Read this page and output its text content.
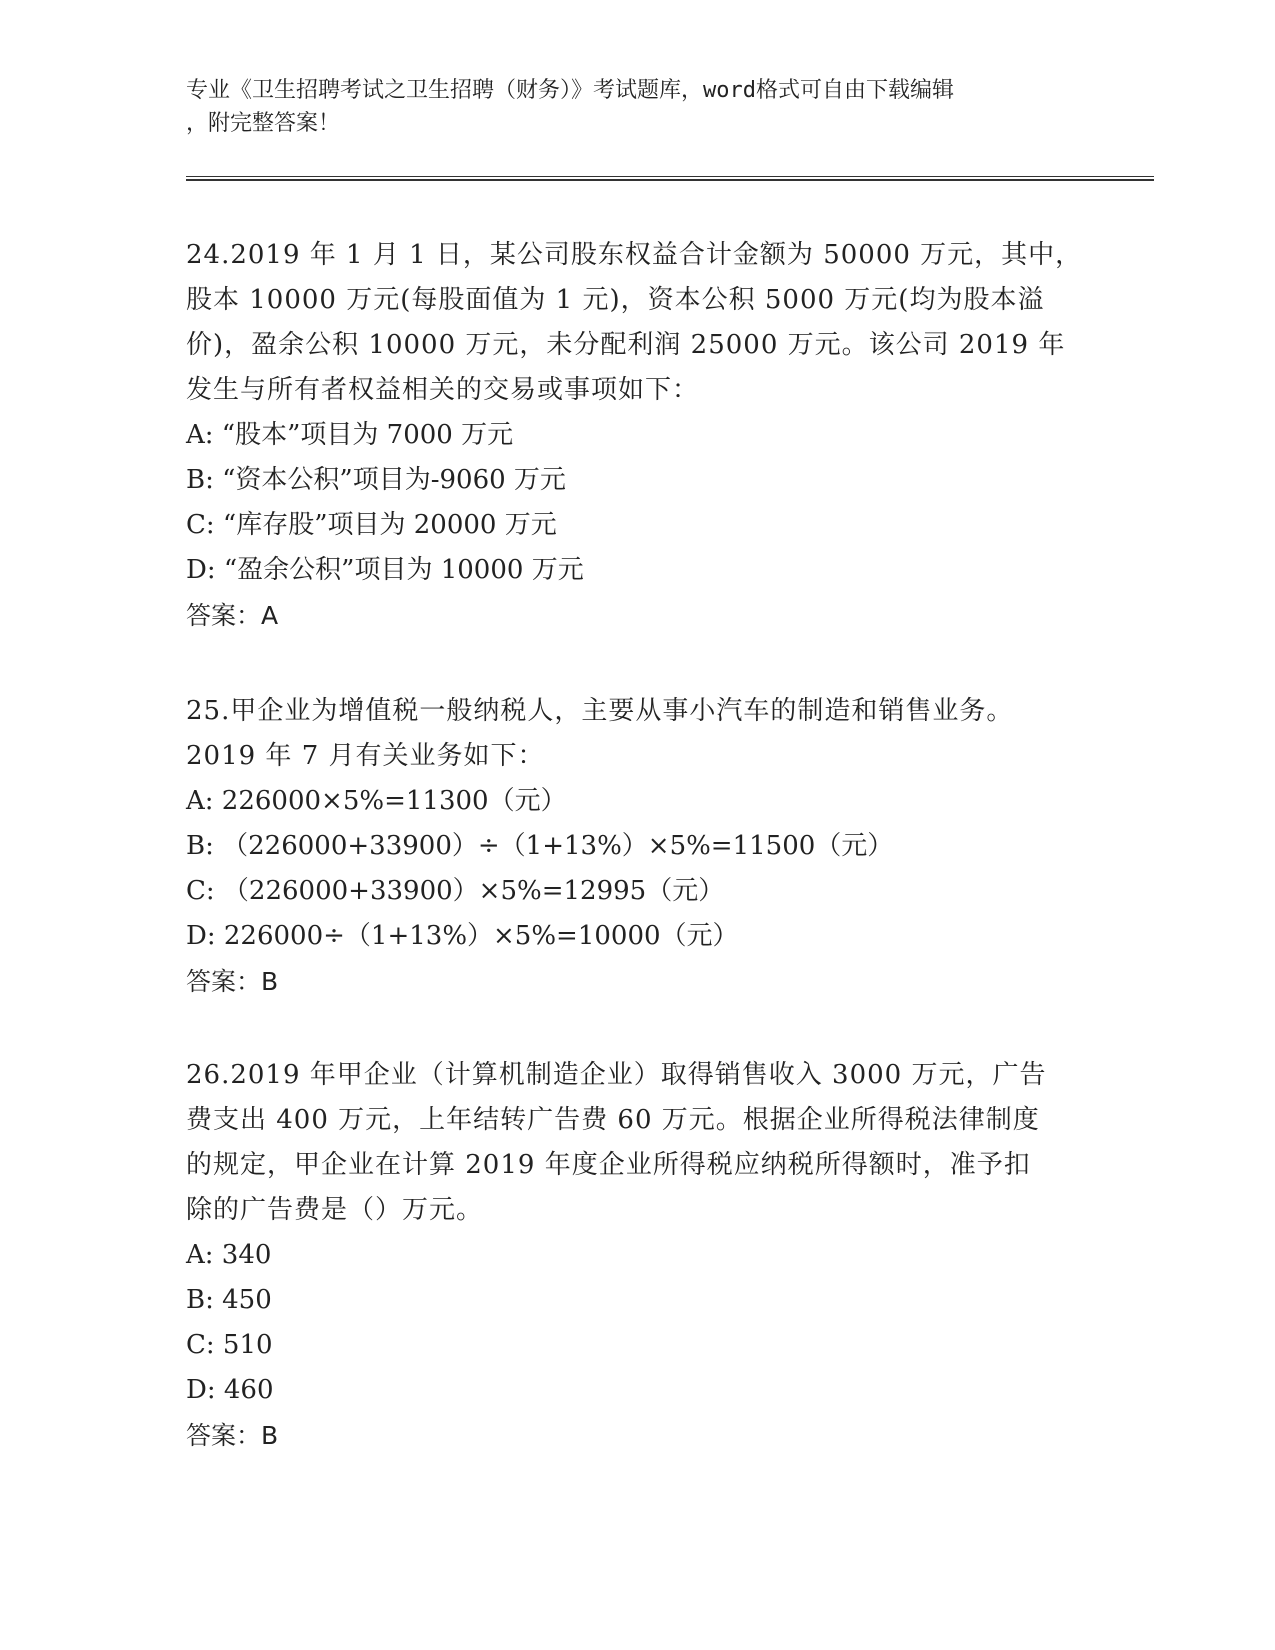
专业《卫生招聘考试之卫生招聘（财务）》考试题库，word格式可自由下载编辑
，附完整答案！
24.2019 年 1 月 1 日，某公司股东权益合计金额为 50000 万元，其中，
股本 10000 万元(每股面值为 1 元)，资本公积 5000 万元(均为股本溢
价)，盈余公积 10000 万元，未分配利润 25000 万元。该公司 2019 年
发生与所有者权益相关的交易或事项如下：
A: “股本”项目为 7000 万元
B: “资本公积”项目为-9060 万元
C: “库存股”项目为 20000 万元
D: “盈余公积”项目为 10000 万元
答案：A
25.甲企业为增值税一般纳税人，主要从事小汽车的制造和销售业务。
2019 年 7 月有关业务如下：
A: 226000×5%=11300（元）
B: （226000+33900）÷（1+13%）×5%=11500（元）
C: （226000+33900）×5%=12995（元）
D: 226000÷（1+13%）×5%=10000（元）
答案：B
26.2019 年甲企业（计算机制造企业）取得销售收入 3000 万元，广告
费支出 400 万元，上年结转广告费 60 万元。根据企业所得税法律制度
的规定，甲企业在计算 2019 年度企业所得税应纳税所得额时，准予扣
除的广告费是（）万元。
A: 340
B: 450
C: 510
D: 460
答案：B
